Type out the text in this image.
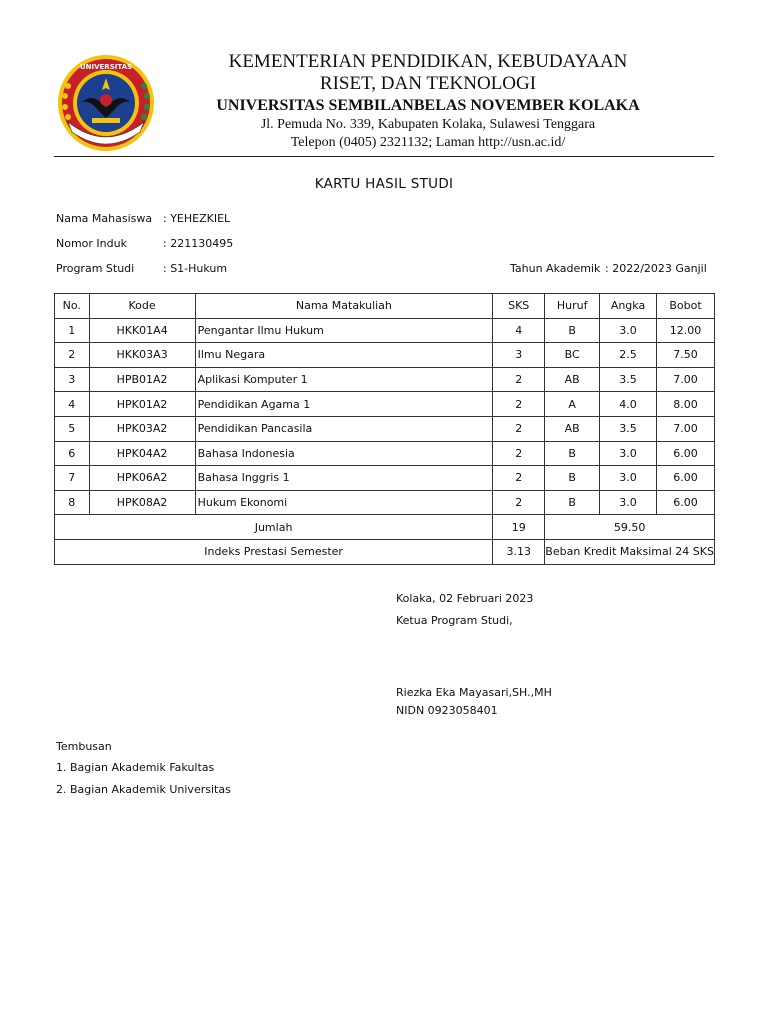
UNIVERSITAS	KEMENTERIAN PENDIDIKAN, KEBUDAYAAN
RISET, DAN TEKNOLOGI
UNIVERSITAS SEMBILANBELAS NOVEMBER KOLAKA
Jl. Pemuda No. 339, Kabupaten Kolaka, Sulawesi Tenggara
Telepon (0405) 2321132; Laman http://usn.ac.id/
KARTU HASIL STUDI
Nama Mahasiswa : YEHEZKIEL
Nomor Induk	: 221130495
Program Studi	: S1-Hukum	Tahun Akademik : 2022/2023 Ganjil
No.	Kode	Nama Matakuliah	SKS	Huruf	Angka	Bobot
1	HKK01A4	Pengantar Ilmu Hukum	4	B	3.0	12.00
2	HKK03A3	Ilmu Negara	3	BC	2.5	7.50
3	HPB01A2	Aplikasi Komputer 1	2	AB	3.5	7.00
4	HPK01A2	Pendidikan Agama 1	2	A	4.0	8.00
5	HPK03A2	Pendidikan Pancasila	2	AB	3.5	7.00
6	HPK04A2	Bahasa Indonesia	2	B	3.0	6.00
7	HPK06A2	Bahasa Inggris 1	2	B	3.0	6.00
8	HPK08A2	Hukum Ekonomi	2	B	3.0	6.00
Jumlah			19	59.50		
Indeks Prestasi Semester			3.13	Beban Kredit Maksimal 24 SKS		
Kolaka, 02 Februari 2023
Ketua Program Studi,
Riezka Eka Mayasari,SH.,MH
NIDN 0923058401
Tembusan
1. Bagian Akademik Fakultas
2. Bagian Akademik Universitas
